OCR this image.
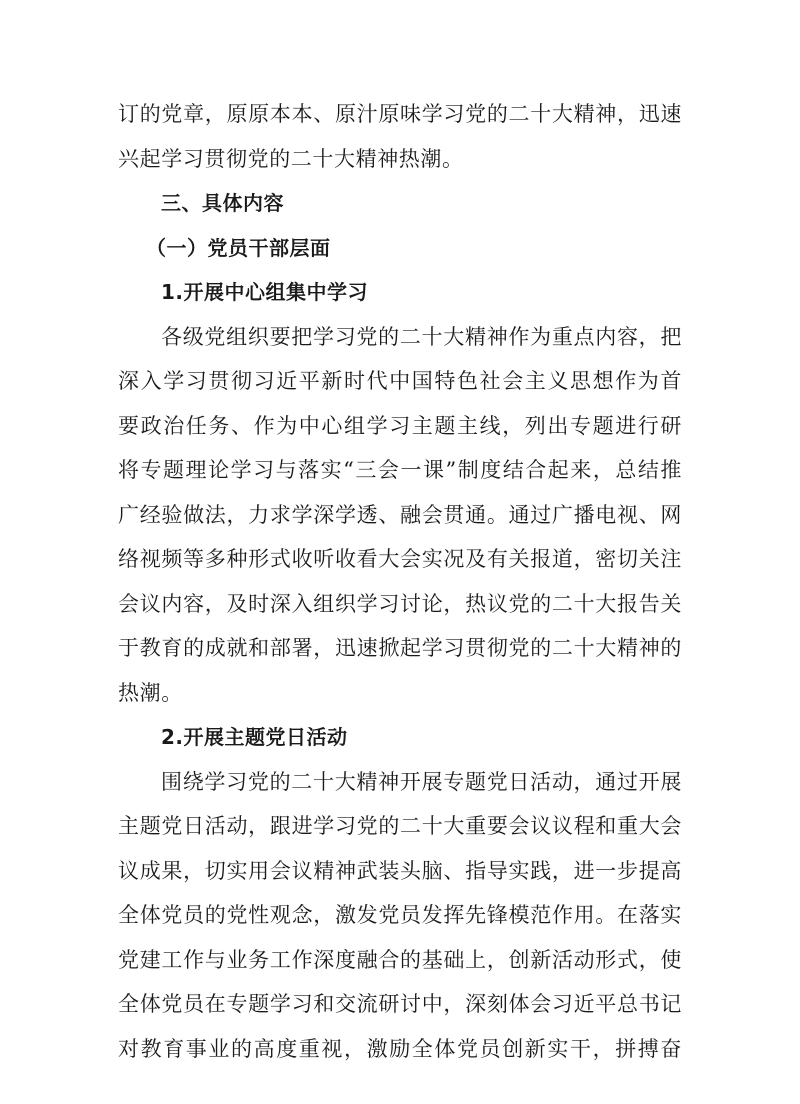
订的党章，原原本本、原汁原味学习党的二十大精神，迅速
兴起学习贯彻党的二十大精神热潮。
三、具体内容
（一）党员干部层面
1.开展中心组集中学习
各级党组织要把学习党的二十大精神作为重点内容，把
深入学习贯彻习近平新时代中国特色社会主义思想作为首
要政治任务、作为中心组学习主题主线，列出专题进行研
将专题理论学习与落实“三会一课”制度结合起来，总结推
广经验做法，力求学深学透、融会贯通。通过广播电视、网
络视频等多种形式收听收看大会实况及有关报道，密切关注
会议内容，及时深入组织学习讨论，热议党的二十大报告关
于教育的成就和部署，迅速掀起学习贯彻党的二十大精神的
热潮。
2.开展主题党日活动
围绕学习党的二十大精神开展专题党日活动，通过开展
主题党日活动，跟进学习党的二十大重要会议议程和重大会
议成果，切实用会议精神武装头脑、指导实践，进一步提高
全体党员的党性观念，激发党员发挥先锋模范作用。在落实
党建工作与业务工作深度融合的基础上，创新活动形式，使
全体党员在专题学习和交流研讨中，深刻体会习近平总书记
对教育事业的高度重视，激励全体党员创新实干，拼搏奋
